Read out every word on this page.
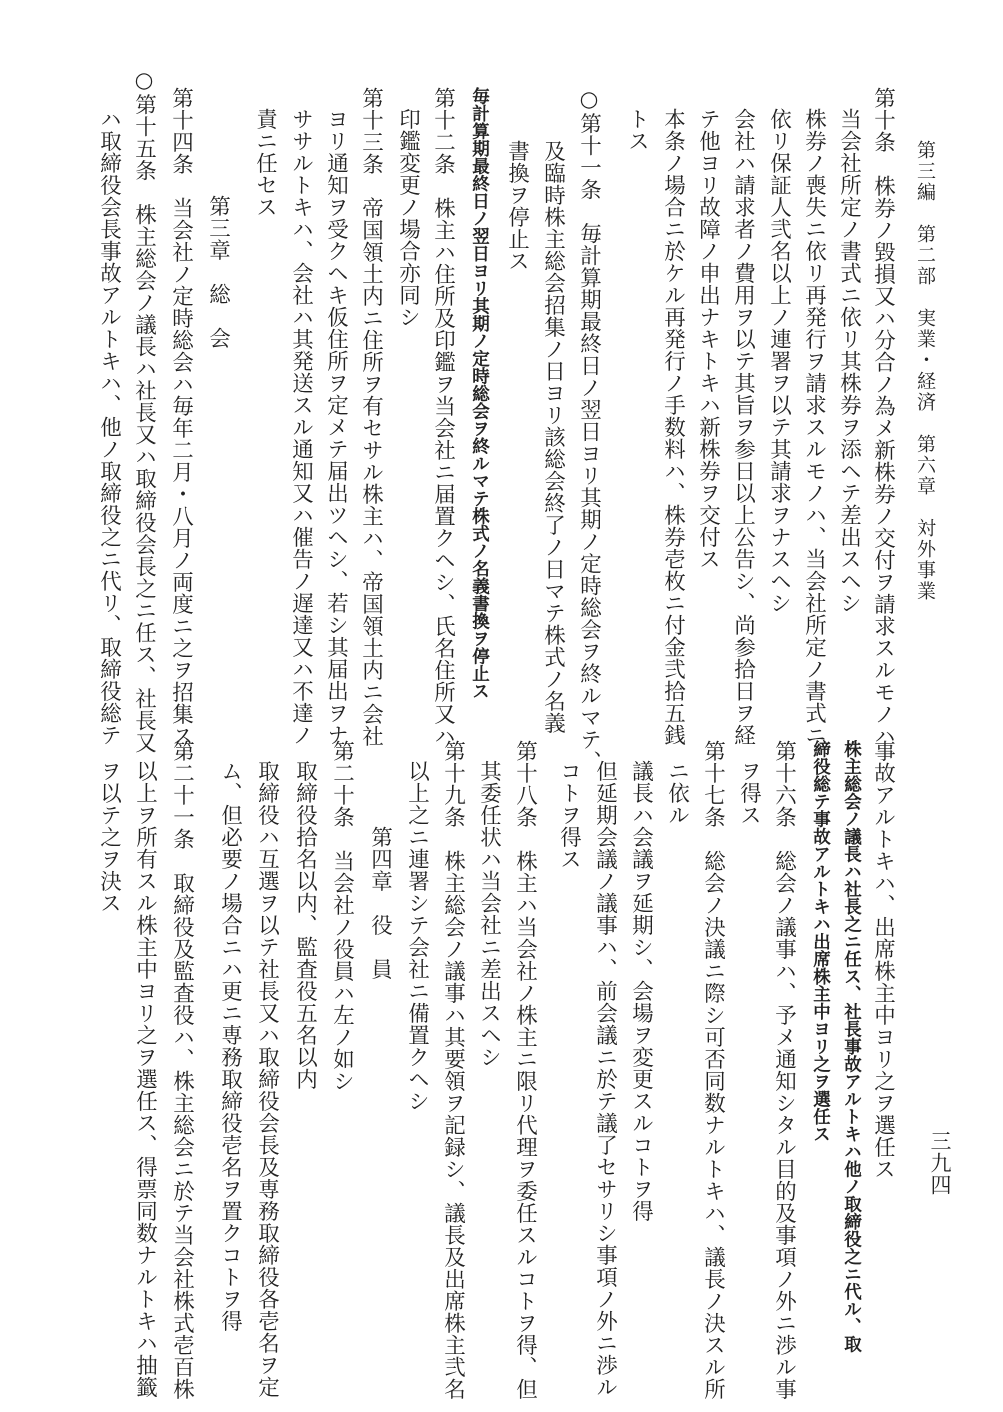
第三編　第二部　実業・経済　第六章　対外事業
三九四
第十条　株券ノ毀損又ハ分合ノ為メ新株券ノ交付ヲ請求スルモノハ
当会社所定ノ書式ニ依リ其株券ヲ添ヘテ差出スヘシ
株券ノ喪失ニ依リ再発行ヲ請求スルモノハ、当会社所定ノ書式ニ
依リ保証人弐名以上ノ連署ヲ以テ其請求ヲナスヘシ
会社ハ請求者ノ費用ヲ以テ其旨ヲ参日以上公告シ、尚参拾日ヲ経
テ他ヨリ故障ノ申出ナキトキハ新株券ヲ交付ス
本条ノ場合ニ於ケル再発行ノ手数料ハ、株券壱枚ニ付金弐拾五銭
トス
○第十一条　毎計算期最終日ノ翌日ヨリ其期ノ定時総会ヲ終ルマテ、
及臨時株主総会招集ノ日ヨリ該総会終了ノ日マテ株式ノ名義
書換ヲ停止ス
毎計算期最終日ノ翌日ヨリ其期ノ定時総会ヲ終ルマテ株式ノ名義書換ヲ停止ス
第十二条　株主ハ住所及印鑑ヲ当会社ニ届置クヘシ、氏名住所又ハ
印鑑変更ノ場合亦同シ
第十三条　帝国領土内ニ住所ヲ有セサル株主ハ、帝国領土内ニ会社
ヨリ通知ヲ受クヘキ仮住所ヲ定メテ届出ツヘシ、若シ其届出ヲナ
ササルトキハ、会社ハ其発送スル通知又ハ催告ノ遅達又ハ不達ノ
責ニ任セス
第三章　総　会
第十四条　当会社ノ定時総会ハ毎年二月・八月ノ両度ニ之ヲ招集ス
○第十五条　株主総会ノ議長ハ社長又ハ取締役会長之ニ任ス、社長又
ハ取締役会長事故アルトキハ、他ノ取締役之ニ代リ、取締役総テ
事故アルトキハ、出席株主中ヨリ之ヲ選任ス
株主総会ノ議長ハ社長之ニ任ス、社長事故アルトキハ他ノ取締役之ニ代ル、取
締役総テ事故アルトキハ出席株主中ヨリ之ヲ選任ス
第十六条　総会ノ議事ハ、予メ通知シタル目的及事項ノ外ニ渉ル事
ヲ得ス
第十七条　総会ノ決議ニ際シ可否同数ナルトキハ、議長ノ決スル所
ニ依ル
議長ハ会議ヲ延期シ、会場ヲ変更スルコトヲ得
但延期会議ノ議事ハ、前会議ニ於テ議了セサリシ事項ノ外ニ渉ル
コトヲ得ス
第十八条　株主ハ当会社ノ株主ニ限リ代理ヲ委任スルコトヲ得、但
其委任状ハ当会社ニ差出スヘシ
第十九条　株主総会ノ議事ハ其要領ヲ記録シ、議長及出席株主弐名
以上之ニ連署シテ会社ニ備置クヘシ
第四章　役　員
第二十条　当会社ノ役員ハ左ノ如シ
取締役拾名以内、監査役五名以内
取締役ハ互選ヲ以テ社長又ハ取締役会長及専務取締役各壱名ヲ定
ム、但必要ノ場合ニハ更ニ専務取締役壱名ヲ置クコトヲ得
第二十一条　取締役及監査役ハ、株主総会ニ於テ当会社株式壱百株
以上ヲ所有スル株主中ヨリ之ヲ選任ス、得票同数ナルトキハ抽籤
ヲ以テ之ヲ決ス
